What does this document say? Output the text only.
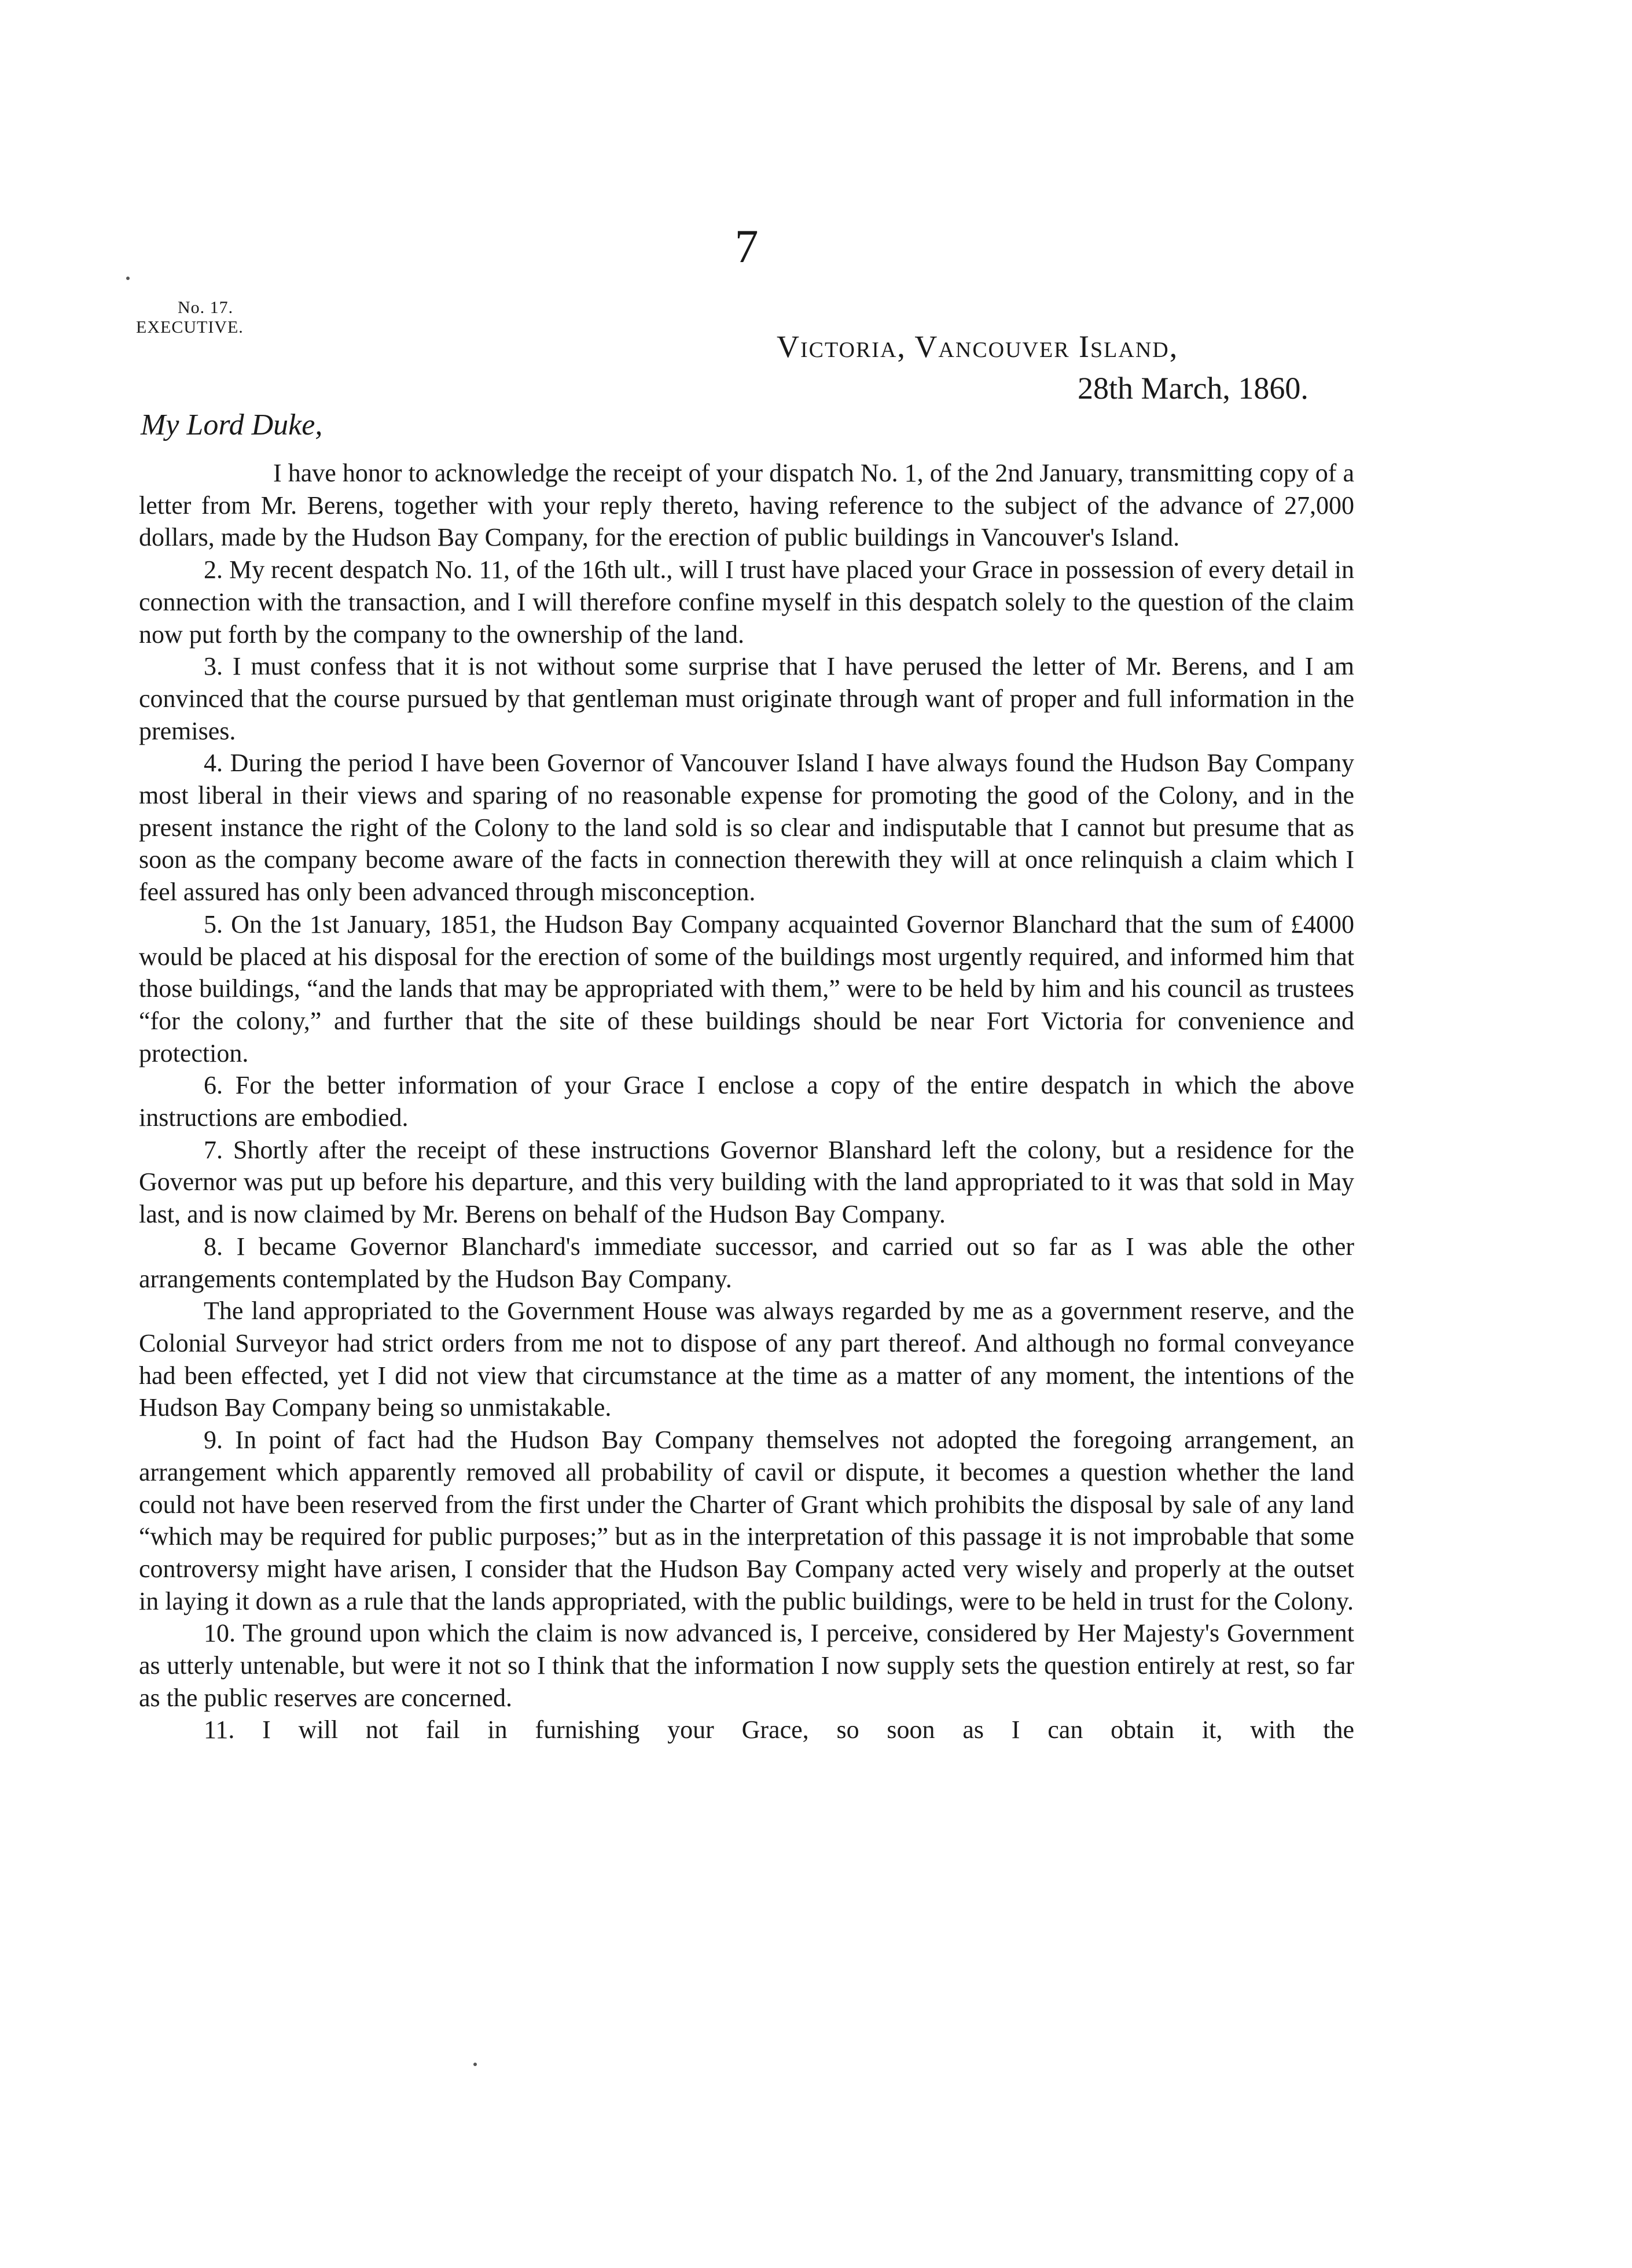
7
No. 17.
EXECUTIVE.
Victoria, Vancouver Island,
28th March, 1860.
My Lord Duke,

I have honor to acknowledge the receipt of your dispatch No. 1, of the 2nd January, transmitting copy of a letter from Mr. Berens, together with your reply thereto, having reference to the subject of the advance of 27,000 dollars, made by the Hudson Bay Company, for the erection of public buildings in Vancouver's Island.

2. My recent despatch No. 11, of the 16th ult., will I trust have placed your Grace in possession of every detail in connection with the transaction, and I will therefore confine myself in this despatch solely to the question of the claim now put forth by the company to the ownership of the land.

3. I must confess that it is not without some surprise that I have perused the letter of Mr. Berens, and I am convinced that the course pursued by that gentleman must originate through want of proper and full information in the premises.

4. During the period I have been Governor of Vancouver Island I have always found the Hudson Bay Company most liberal in their views and sparing of no reasonable expense for promoting the good of the Colony, and in the present instance the right of the Colony to the land sold is so clear and indisputable that I cannot but presume that as soon as the company become aware of the facts in connection therewith they will at once relinquish a claim which I feel assured has only been advanced through misconception.

5. On the 1st January, 1851, the Hudson Bay Company acquainted Governor Blanchard that the sum of £4000 would be placed at his disposal for the erection of some of the buildings most urgently required, and informed him that those buildings, “and the lands that may be appropriated with them,” were to be held by him and his council as trustees “for the colony,” and further that the site of these buildings should be near Fort Victoria for convenience and protection.

6. For the better information of your Grace I enclose a copy of the entire despatch in which the above instructions are embodied.

7. Shortly after the receipt of these instructions Governor Blanshard left the colony, but a residence for the Governor was put up before his departure, and this very building with the land appropriated to it was that sold in May last, and is now claimed by Mr. Berens on behalf of the Hudson Bay Company.

8. I became Governor Blanchard's immediate successor, and carried out so far as I was able the other arrangements contemplated by the Hudson Bay Company.

The land appropriated to the Government House was always regarded by me as a government reserve, and the Colonial Surveyor had strict orders from me not to dispose of any part thereof. And although no formal conveyance had been effected, yet I did not view that circumstance at the time as a matter of any moment, the intentions of the Hudson Bay Company being so unmistakable.

9. In point of fact had the Hudson Bay Company themselves not adopted the foregoing arrangement, an arrangement which apparently removed all probability of cavil or dispute, it becomes a question whether the land could not have been reserved from the first under the Charter of Grant which prohibits the disposal by sale of any land “which may be required for public purposes;” but as in the interpretation of this passage it is not improbable that some controversy might have arisen, I consider that the Hudson Bay Company acted very wisely and properly at the outset in laying it down as a rule that the lands appropriated, with the public buildings, were to be held in trust for the Colony.

10. The ground upon which the claim is now advanced is, I perceive, considered by Her Majesty's Government as utterly untenable, but were it not so I think that the information I now supply sets the question entirely at rest, so far as the public reserves are concerned.

11. I will not fail in furnishing your Grace, so soon as I can obtain it, with the
